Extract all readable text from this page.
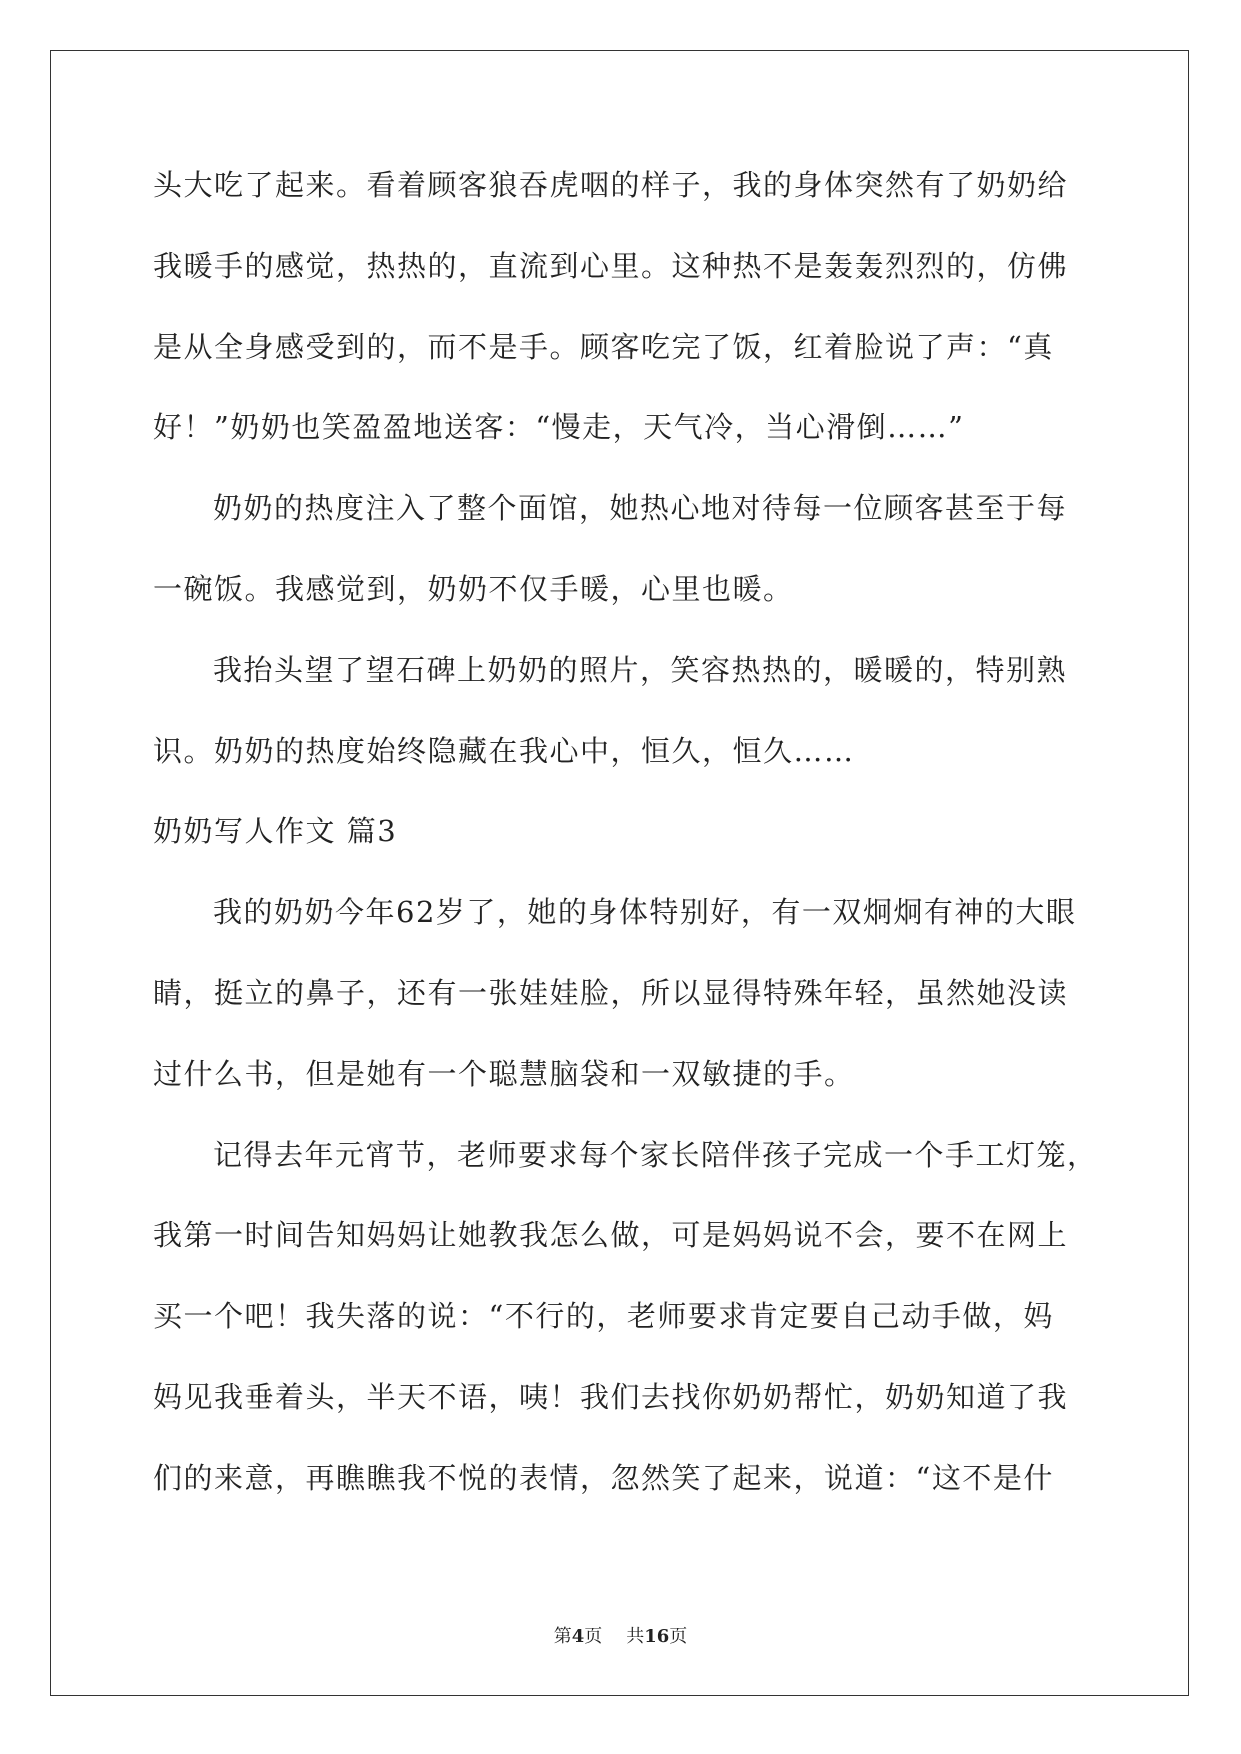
头大吃了起来。看着顾客狼吞虎咽的样子，我的身体突然有了奶奶给
我暖手的感觉，热热的，直流到心里。这种热不是轰轰烈烈的，仿佛
是从全身感受到的，而不是手。顾客吃完了饭，红着脸说了声：“真
好！”奶奶也笑盈盈地送客：“慢走，天气冷，当心滑倒……”
奶奶的热度注入了整个面馆，她热心地对待每一位顾客甚至于每
一碗饭。我感觉到，奶奶不仅手暖，心里也暖。
我抬头望了望石碑上奶奶的照片，笑容热热的，暖暖的，特别熟
识。奶奶的热度始终隐藏在我心中，恒久，恒久……
奶奶写人作文 篇3
我的奶奶今年62岁了，她的身体特别好，有一双炯炯有神的大眼
睛，挺立的鼻子，还有一张娃娃脸，所以显得特殊年轻，虽然她没读
过什么书，但是她有一个聪慧脑袋和一双敏捷的手。
记得去年元宵节，老师要求每个家长陪伴孩子完成一个手工灯笼，
我第一时间告知妈妈让她教我怎么做，可是妈妈说不会，要不在网上
买一个吧！我失落的说：“不行的，老师要求肯定要自己动手做，妈
妈见我垂着头，半天不语，咦！我们去找你奶奶帮忙，奶奶知道了我
们的来意，再瞧瞧我不悦的表情，忽然笑了起来，说道：“这不是什
第4页 共16页
